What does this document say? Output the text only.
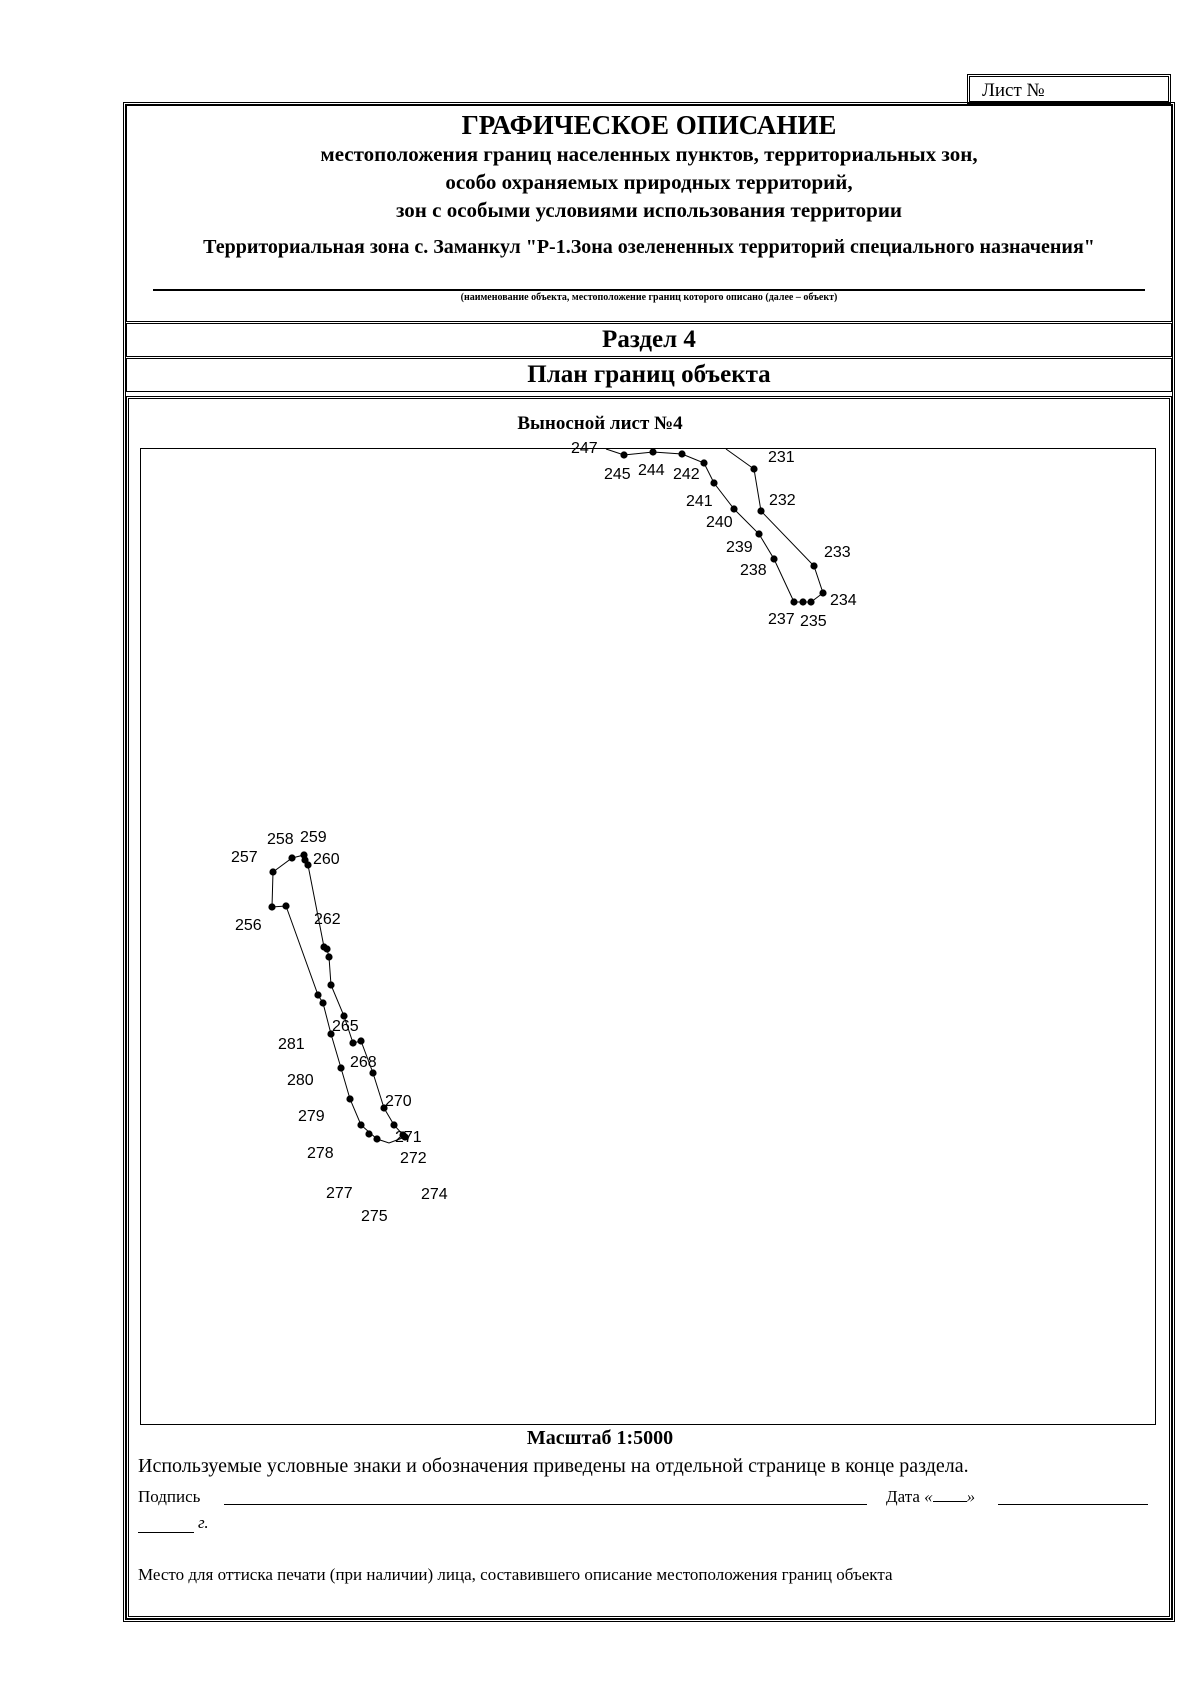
Лист №
ГРАФИЧЕСКОЕ ОПИСАНИЕ
местоположения границ населенных пунктов, территориальных зон,
особо охраняемых природных территорий,
зон с особыми условиями использования территории
Территориальная зона с. Заманкул "Р-1.Зона озелененных территорий специального назначения"
(наименование объекта, местоположение границ которого описано (далее – объект)
Раздел 4
План границ объекта
Выносной лист №4
247
245 244 242
241
240
239
238
237 235
234
233
232
231
257
258 259
260
256	262
265
281
268
280
270
279
271
272
278
277	274
275
Масштаб 1:5000
Используемые условные знаки и обозначения приведены на отдельной странице в конце раздела.
Подпись	Дата « »
г.
Место для оттиска печати (при наличии) лица, составившего описание местоположения границ объекта
